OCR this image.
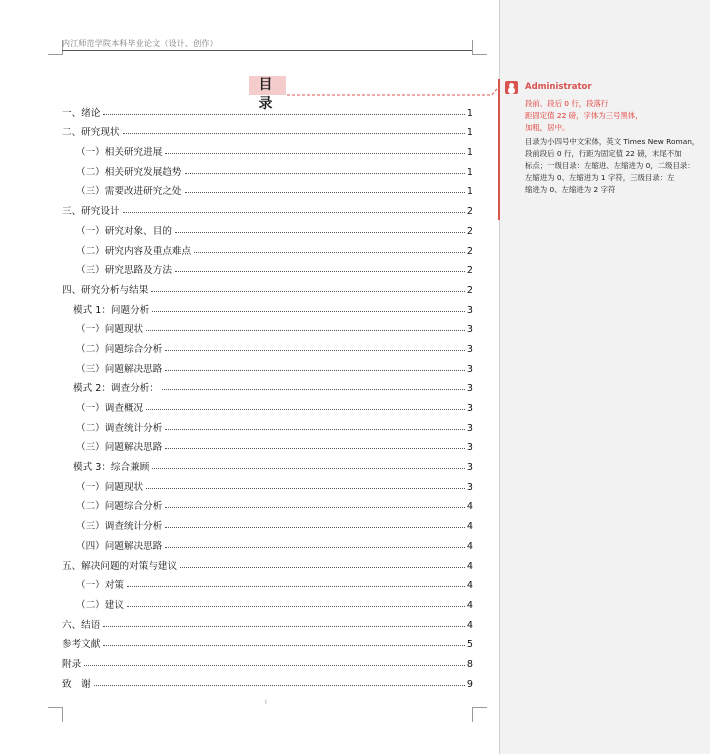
内江师范学院本科毕业论文（设计、创作）
目 录
一、绪论	1
二、研究现状	1
（一）相关研究进展	1
（二）相关研究发展趋势	1
（三）需要改进研究之处	1
三、研究设计	2
（一）研究对象、目的	2
（二）研究内容及重点难点	2
（三）研究思路及方法	2
四、研究分析与结果	2
模式 1：问题分析	3
（一）问题现状	3
（二）问题综合分析	3
（三）问题解决思路	3
模式 2：调查分析：	3
（一）调查概况	3
（二）调查统计分析	3
（三）问题解决思路	3
模式 3：综合兼顾	3
（一）问题现状	3
（二）问题综合分析	4
（三）调查统计分析	4
（四）问题解决思路	4
五、解决问题的对策与建议	4
（一）对策	4
（二）建议	4
六、结语	4
参考文献	5
附录	8
致　谢	9
I
Administrator
段前、段后 0 行，段落行
距固定值 22 磅，字体为三号黑体，
加粗，居中。
目录为小四号中文宋体，英文 Times New Roman，
段前段后 0 行，行距为固定值 22 磅，末尾不加
标点；一级目录：左缩进、左缩进为 0，二级目录：
左缩进为 0、左缩进为 1 字符，三级目录：左
缩进为 0、左缩进为 2 字符
